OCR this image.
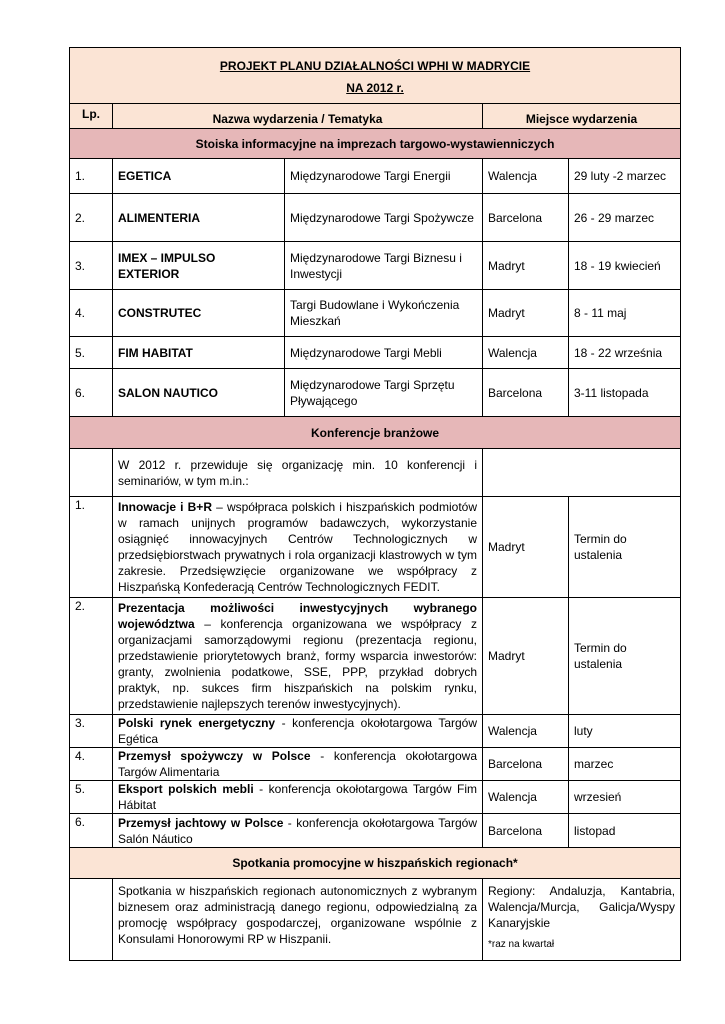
PROJEKT PLANU DZIAŁALNOŚCI WPHI W MADRYCIE
NA 2012 r.				

Lp.	Nazwa wydarzenia / Tematyka		Miejsce wydarzenia	
Stoiska informacyjne na imprezach targowo-wystawienniczych				
1.	EGETICA	Międzynarodowe Targi Energii	Walencja	29 luty -2 marzec
2.	ALIMENTERIA	Międzynarodowe Targi Spożywcze	Barcelona	26 - 29 marzec
3.	IMEX – IMPULSO EXTERIOR	Międzynarodowe Targi Biznesu i Inwestycji	Madryt	18 - 19 kwiecień
4.	CONSTRUTEC	Targi Budowlane i Wykończenia Mieszkań	Madryt	8 - 11 maj
5.	FIM HABITAT	Międzynarodowe Targi Mebli	Walencja	18 - 22 września
6.	SALON NAUTICO	Międzynarodowe Targi Sprzętu Pływającego	Barcelona	3-11 listopada
Konferencje branżowe				
	W 2012 r. przewiduje się organizację min. 10 konferencji i seminariów, w tym m.in.:			
1.	Innowacje i B+R – współpraca polskich i hiszpańskich podmiotów w ramach unijnych programów badawczych, wykorzystanie osiągnięć innowacyjnych Centrów Technologicznych w przedsiębiorstwach prywatnych i rola organizacji klastrowych w tym zakresie. Przedsięwzięcie organizowane we współpracy z Hiszpańską Konfederacją Centrów Technologicznych FEDIT.		Madryt	Termin do ustalenia
2.	Prezentacja możliwości inwestycyjnych wybranego województwa – konferencja organizowana we współpracy z organizacjami samorządowymi regionu (prezentacja regionu, przedstawienie priorytetowych branż, formy wsparcia inwestorów: granty, zwolnienia podatkowe, SSE, PPP, przykład dobrych praktyk, np. sukces firm hiszpańskich na polskim rynku, przedstawienie najlepszych terenów inwestycyjnych).		Madryt	Termin do ustalenia
3.	Polski rynek energetyczny - konferencja okołotargowa Targów Egética		Walencja	luty
4.	Przemysł spożywczy w Polsce - konferencja okołotargowa Targów Alimentaria		Barcelona	marzec
5.	Eksport polskich mebli - konferencja okołotargowa Targów Fim Hábitat		Walencja	wrzesień
6.	Przemysł jachtowy w Polsce - konferencja okołotargowa Targów Salón Náutico		Barcelona	listopad
Spotkania promocyjne w hiszpańskich regionach*				
	Spotkania w hiszpańskich regionach autonomicznych z wybranym biznesem oraz administracją danego regionu, odpowiedzialną za promocję współpracy gospodarczej, organizowane wspólnie z Konsulami Honorowymi RP w Hiszpanii.		Regiony: Andaluzja, Kantabria, Walencja/Murcja, Galicja/Wyspy Kanaryjskie
*raz na kwartał	
